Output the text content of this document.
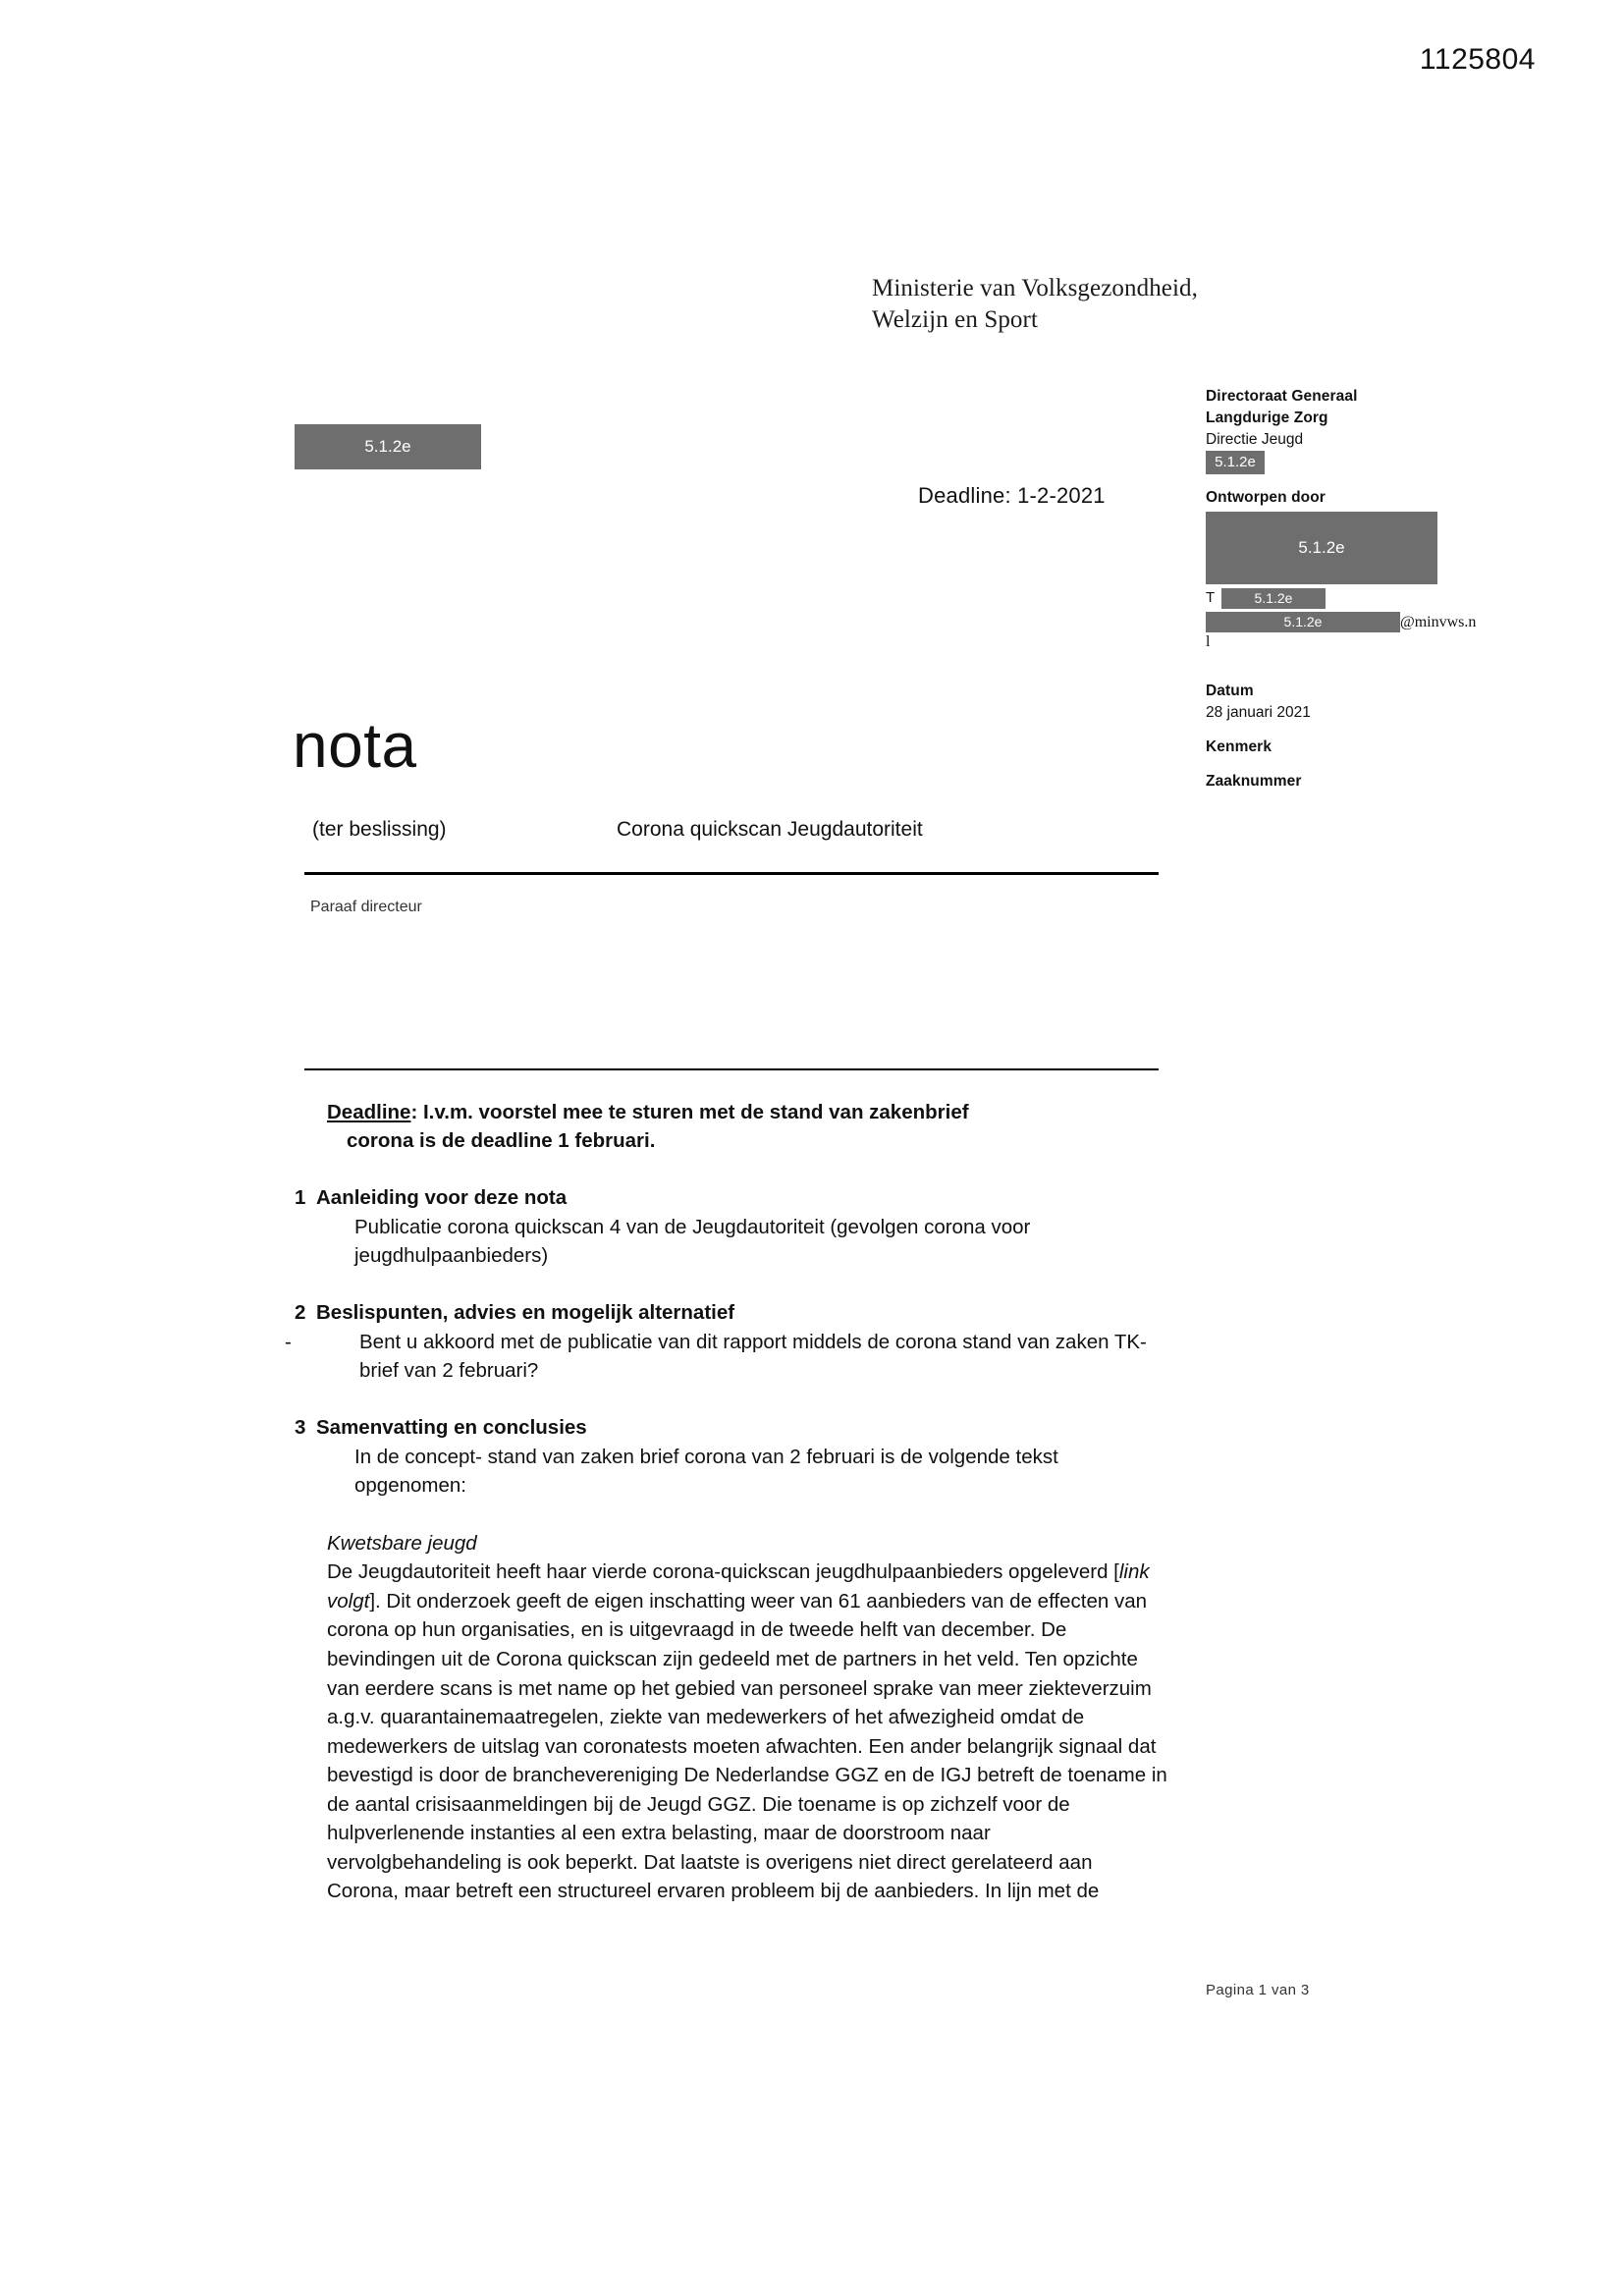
1125804
Ministerie van Volksgezondheid,
Welzijn en Sport
5.1.2e
Deadline: 1-2-2021
Directoraat Generaal
Langdurige Zorg
Directie Jeugd
5.1.2e
Ontworpen door
5.1.2e
T	5.1.2e
5.1.2e	@minvws.n
l
Datum
28 januari 2021
Kenmerk
Zaaknummer
nota
(ter beslissing)	Corona quickscan Jeugdautoriteit
Paraaf directeur
Deadline: I.v.m. voorstel mee te sturen met de stand van zakenbrief
corona is de deadline 1 februari.
1 Aanleiding voor deze nota

Publicatie corona quickscan 4 van de Jeugdautoriteit (gevolgen corona voor jeugdhulpaanbieders)

2 Beslispunten, advies en mogelijk alternatief
-	Bent u akkoord met de publicatie van dit rapport middels de corona stand van zaken TK-brief van 2 februari?
3 Samenvatting en conclusies

In de concept- stand van zaken brief corona van 2 februari is de volgende tekst opgenomen:

Kwetsbare jeugd

De Jeugdautoriteit heeft haar vierde corona-quickscan jeugdhulpaanbieders opgeleverd [link volgt]. Dit onderzoek geeft de eigen inschatting weer van 61 aanbieders van de effecten van corona op hun organisaties, en is uitgevraagd in de tweede helft van december. De bevindingen uit de Corona quickscan zijn gedeeld met de partners in het veld. Ten opzichte van eerdere scans is met name op het gebied van personeel sprake van meer ziekteverzuim a.g.v. quarantainemaatregelen, ziekte van medewerkers of het afwezigheid omdat de medewerkers de uitslag van coronatests moeten afwachten. Een ander belangrijk signaal dat bevestigd is door de branchevereniging De Nederlandse GGZ en de IGJ betreft de toename in de aantal crisisaanmeldingen bij de Jeugd GGZ. Die toename is op zichzelf voor de hulpverlenende instanties al een extra belasting, maar de doorstroom naar vervolgbehandeling is ook beperkt. Dat laatste is overigens niet direct gerelateerd aan Corona, maar betreft een structureel ervaren probleem bij de aanbieders. In lijn met de

Pagina 1 van 3
